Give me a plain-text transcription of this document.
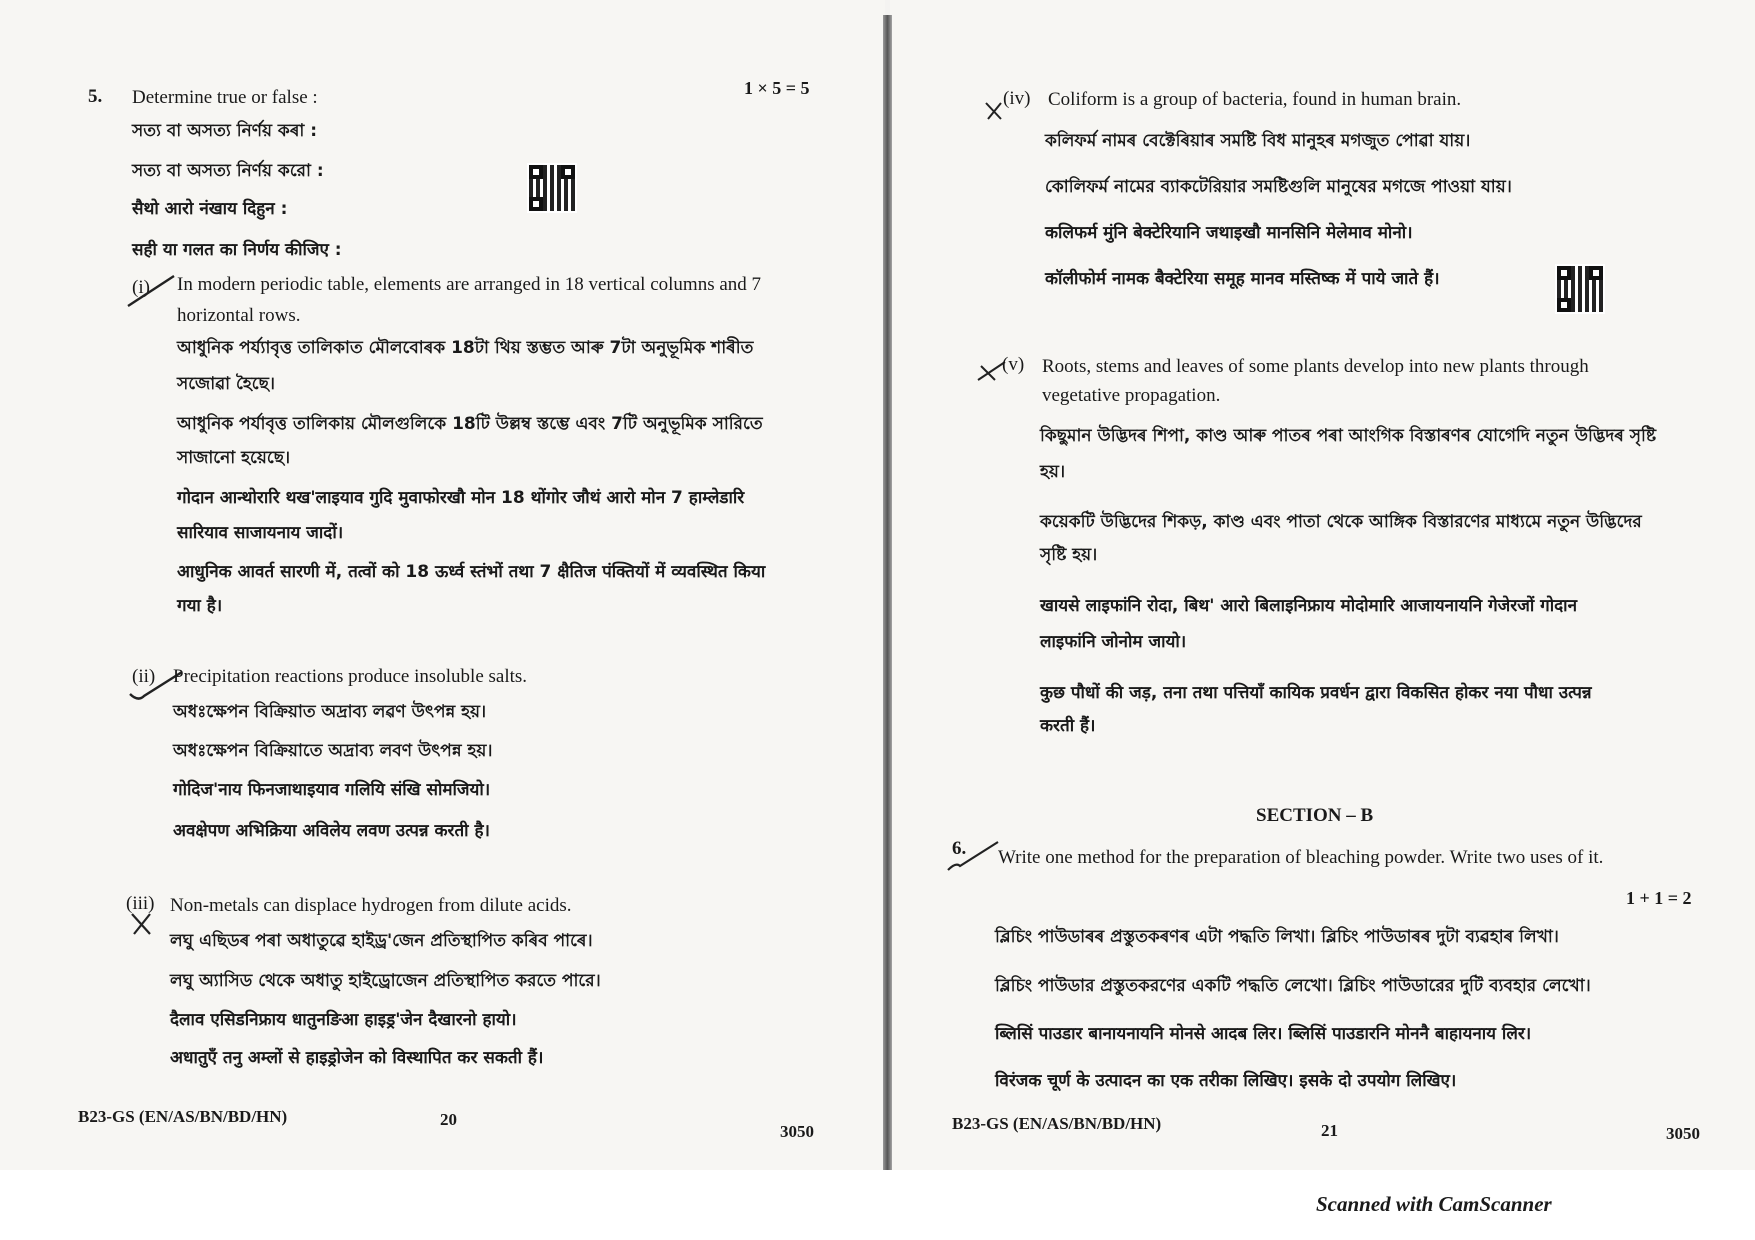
5. Determine true or false :	1 × 5 = 5
সত্য বা অসত্য নিৰ্ণয় কৰা :
সত্য বা অসত্য নির্ণয় করো :
सैथो आरो नंखाय दिहुन :
सही या गलत का निर्णय कीजिए :
(i) In modern periodic table, elements are arranged in 18 vertical columns and 7
horizontal rows.
আধুনিক পৰ্য্যাবৃত্ত তালিকাত মৌলবোৰক 18টা থিয় স্তম্ভত আৰু 7টা অনুভূমিক শাৰীত
সজোৱা হৈছে।
আধুনিক পর্যাবৃত্ত তালিকায় মৌলগুলিকে 18টি উল্লম্ব স্তম্ভে এবং 7টি অনুভূমিক সারিতে
সাজানো হয়েছে।
गोदान आन्थोरारि थख'लाइयाव गुदि मुवाफोरखौ मोन 18 थोंगोर जौथं आरो मोन 7 हाम्लेडारि
सारियाव साजायनाय जादों।
आधुनिक आवर्त सारणी में, तत्वों को 18 ऊर्ध्व स्तंभों तथा 7 क्षैतिज पंक्तियों में व्यवस्थित किया
गया है।
(ii) Precipitation reactions produce insoluble salts.
অধঃক্ষেপন বিক্ৰিয়াত অদ্ৰাব্য লৱণ উৎপন্ন হয়।
অধঃক্ষেপন বিক্রিয়াতে অদ্রাব্য লবণ উৎপন্ন হয়।
गोदिज'नाय फिनजाथाइयाव गलियि संखि सोमजियो।
अवक्षेपण अभिक्रिया अविलेय लवण उत्पन्न करती है।
(iii) Non-metals can displace hydrogen from dilute acids.
লঘু এছিডৰ পৰা অধাতুৱে হাইড্ৰ'জেন প্ৰতিস্থাপিত কৰিব পাৰে।
লঘু অ্যাসিড থেকে অধাতু হাইড্রোজেন প্রতিস্থাপিত করতে পারে।
दैलाव एसिडनिफ्राय धातुनङिआ हाइड्र'जेन दैखारनो हायो।
अधातुएँ तनु अम्लों से हाइड्रोजेन को विस्थापित कर सकती हैं।
B23-GS (EN/AS/BN/BD/HN)	20
3050
(iv) Coliform is a group of bacteria, found in human brain.
কলিফৰ্ম নামৰ বেক্টেৰিয়াৰ সমষ্টি বিধ মানুহৰ মগজুত পোৱা যায়।
কোলিফর্ম নামের ব্যাকটেরিয়ার সমষ্টিগুলি মানুষের মগজে পাওয়া যায়।
कलिफर्म मुंनि बेक्टेरियानि जथाइखौ मानसिनि मेलेमाव मोनो।
कॉलीफोर्म नामक बैक्टेरिया समूह मानव मस्तिष्क में पाये जाते हैं।
(v) Roots, stems and leaves of some plants develop into new plants through
vegetative propagation.
কিছুমান উদ্ভিদৰ শিপা, কাণ্ড আৰু পাতৰ পৰা আংগিক বিস্তাৰণৰ যোগেদি নতুন উদ্ভিদৰ সৃষ্টি
হয়।
কয়েকটি উদ্ভিদের শিকড়, কাণ্ড এবং পাতা থেকে আঙ্গিক বিস্তারণের মাধ্যমে নতুন উদ্ভিদের
সৃষ্টি হয়।
खायसे लाइफांनि रोदा, बिथ' आरो बिलाइनिफ्राय मोदोमारि आजायनायनि गेजेरजों गोदान
लाइफांनि जोनोम जायो।
कुछ पौधों की जड़, तना तथा पत्तियाँ कायिक प्रवर्धन द्वारा विकसित होकर नया पौधा उत्पन्न
करती हैं।
SECTION – B
6. Write one method for the preparation of bleaching powder. Write two uses of it.
1 + 1 = 2
ব্লিচিং পাউডাৰৰ প্ৰস্তুতকৰণৰ এটা পদ্ধতি লিখা। ব্লিচিং পাউডাৰৰ দুটা ব্যৱহাৰ লিখা।
ব্লিচিং পাউডার প্রস্তুতকরণের একটি পদ্ধতি লেখো। ব্লিচিং পাউডারের দুটি ব্যবহার লেখো।
ब्लिसिं पाउडार बानायनायनि मोनसे आदब लिर। ब्लिसिं पाउडारनि मोननै बाहायनाय लिर।
विरंजक चूर्ण के उत्पादन का एक तरीका लिखिए। इसके दो उपयोग लिखिए।
B23-GS (EN/AS/BN/BD/HN)	21	3050
Scanned with CamScanner
